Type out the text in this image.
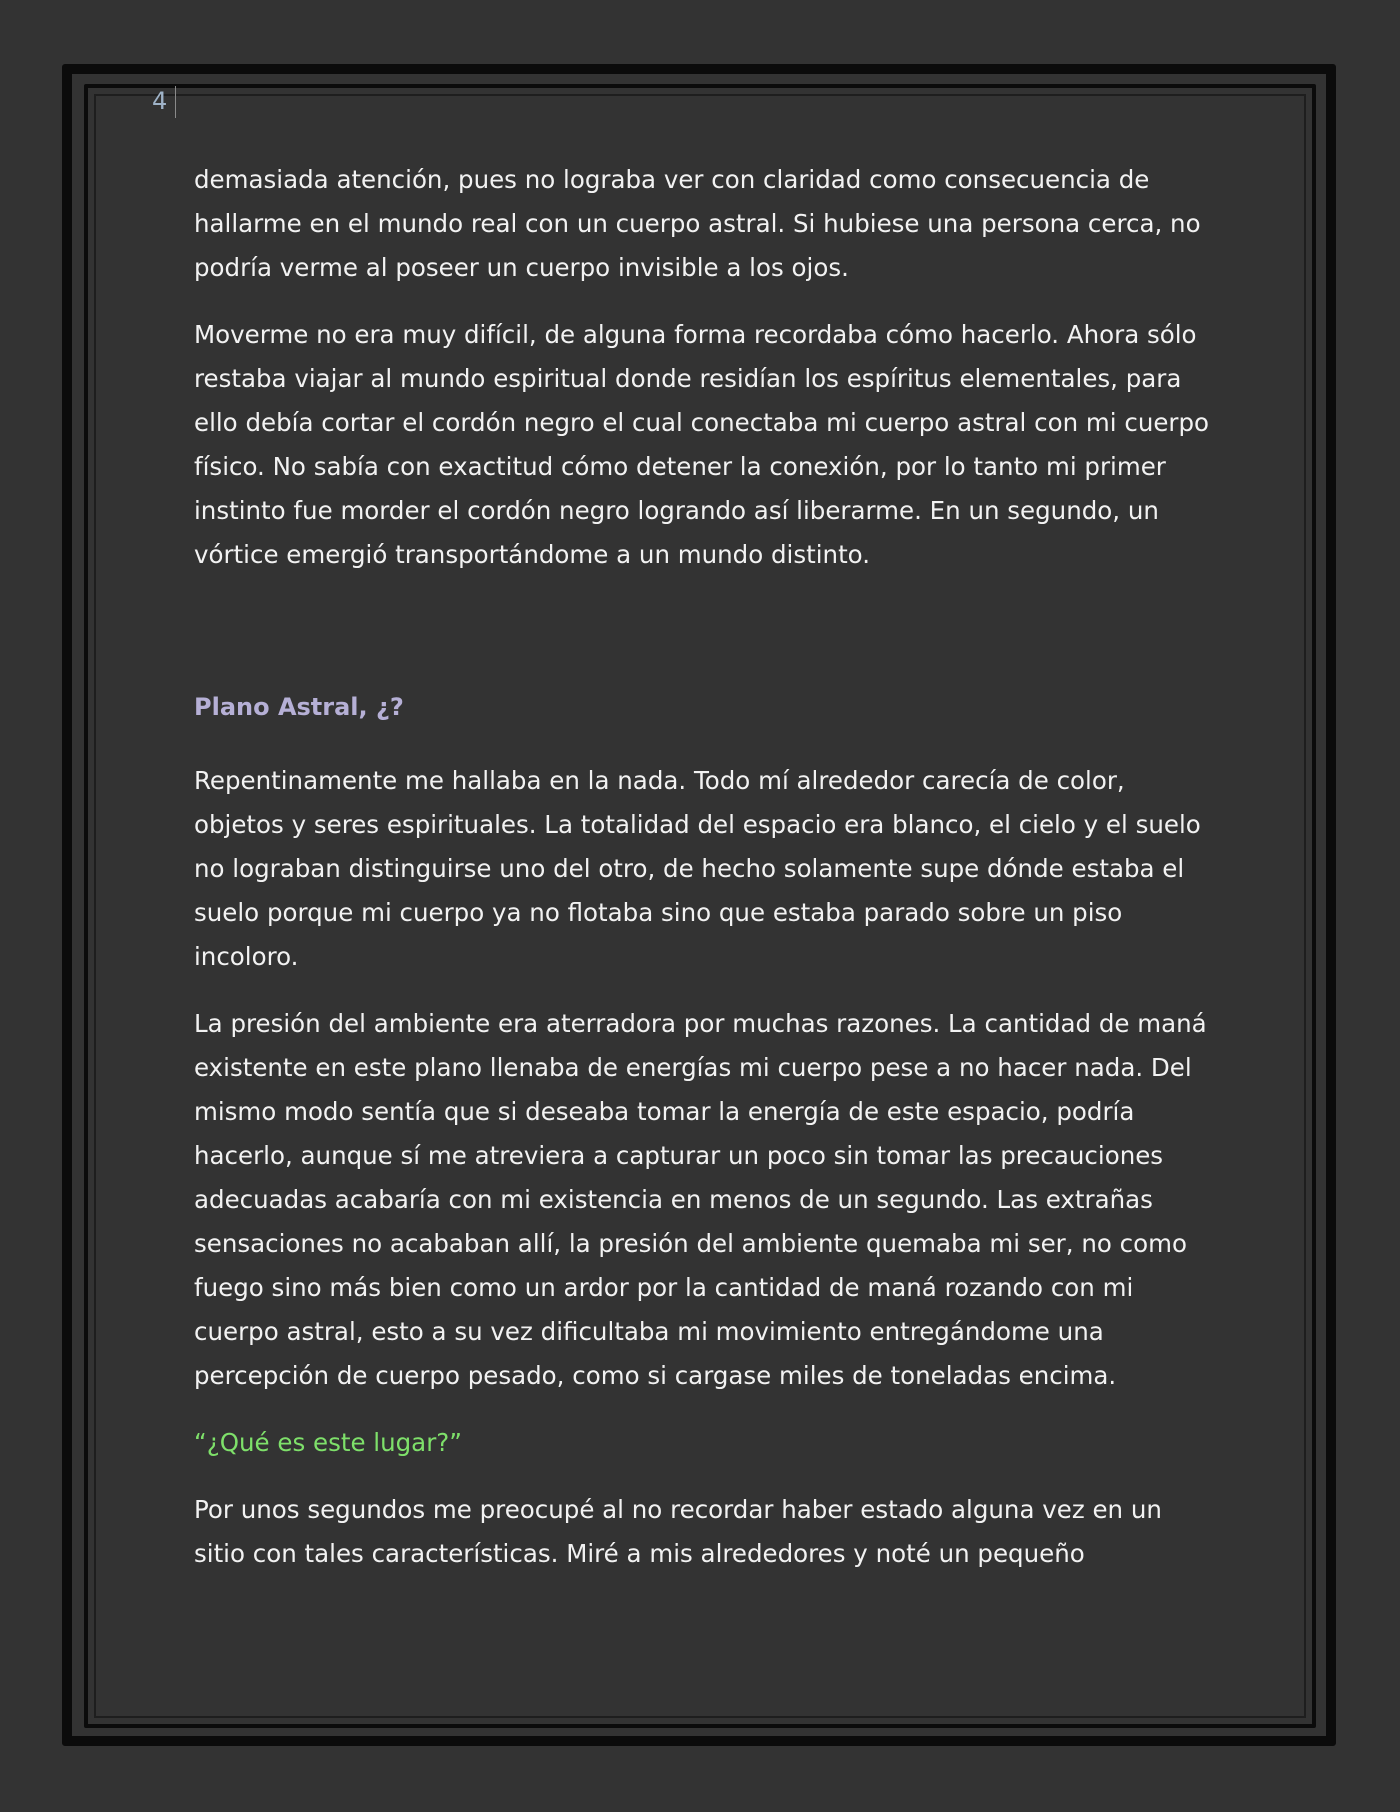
4

demasiada atención, pues no lograba ver con claridad como consecuencia de hallarme en el mundo real con un cuerpo astral. Si hubiese una persona cerca, no podría verme al poseer un cuerpo invisible a los ojos.

Moverme no era muy difícil, de alguna forma recordaba cómo hacerlo. Ahora sólo restaba viajar al mundo espiritual donde residían los espíritus elementales, para ello debía cortar el cordón negro el cual conectaba mi cuerpo astral con mi cuerpo físico. No sabía con exactitud cómo detener la conexión, por lo tanto mi primer instinto fue morder el cordón negro logrando así liberarme. En un segundo, un vórtice emergió transportándome a un mundo distinto.

Plano Astral, ¿?

Repentinamente me hallaba en la nada. Todo mí alrededor carecía de color, objetos y seres espirituales. La totalidad del espacio era blanco, el cielo y el suelo no lograban distinguirse uno del otro, de hecho solamente supe dónde estaba el suelo porque mi cuerpo ya no flotaba sino que estaba parado sobre un piso incoloro.

La presión del ambiente era aterradora por muchas razones. La cantidad de maná existente en este plano llenaba de energías mi cuerpo pese a no hacer nada. Del mismo modo sentía que si deseaba tomar la energía de este espacio, podría hacerlo, aunque sí me atreviera a capturar un poco sin tomar las precauciones adecuadas acabaría con mi existencia en menos de un segundo. Las extrañas sensaciones no acababan allí, la presión del ambiente quemaba mi ser, no como fuego sino más bien como un ardor por la cantidad de maná rozando con mi cuerpo astral, esto a su vez dificultaba mi movimiento entregándome una percepción de cuerpo pesado, como si cargase miles de toneladas encima.

“¿Qué es este lugar?”

Por unos segundos me preocupé al no recordar haber estado alguna vez en un sitio con tales características. Miré a mis alrededores y noté un pequeño
